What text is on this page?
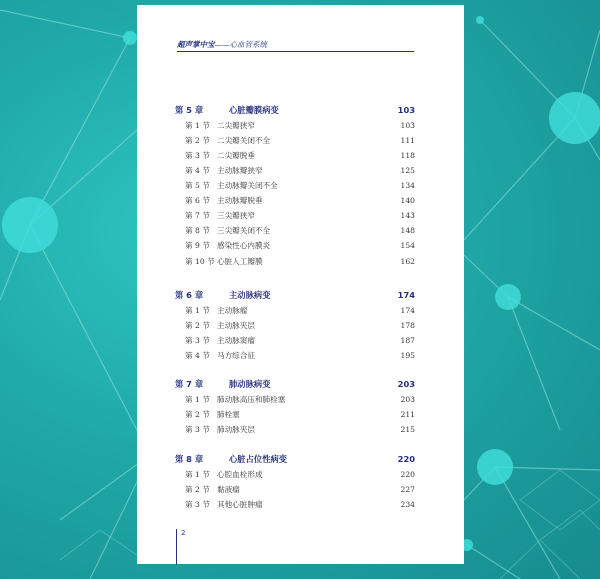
超声掌中宝——心血管系统
第 5 章	心脏瓣膜病变	103
第 1 节 二尖瓣狭窄	103
第 2 节 二尖瓣关闭不全	111
第 3 节 二尖瓣脱垂	118
第 4 节 主动脉瓣狭窄	125
第 5 节 主动脉瓣关闭不全	134
第 6 节 主动脉瓣脱垂	140
第 7 节 三尖瓣狭窄	143
第 8 节 三尖瓣关闭不全	148
第 9 节 感染性心内膜炎	154
第 10 节 心脏人工瓣膜	162
第 6 章	主动脉病变	174
第 1 节 主动脉瘤	174
第 2 节 主动脉夹层	178
第 3 节 主动脉窦瘤	187
第 4 节 马方综合征	195
第 7 章	肺动脉病变	203
第 1 节 肺动脉高压和肺栓塞	203
第 2 节 肺栓塞	211
第 3 节 肺动脉夹层	215
第 8 章	心脏占位性病变	220
第 1 节 心腔血栓形成	220
第 2 节 黏液瘤	227
第 3 节 其他心脏肿瘤	234
2
